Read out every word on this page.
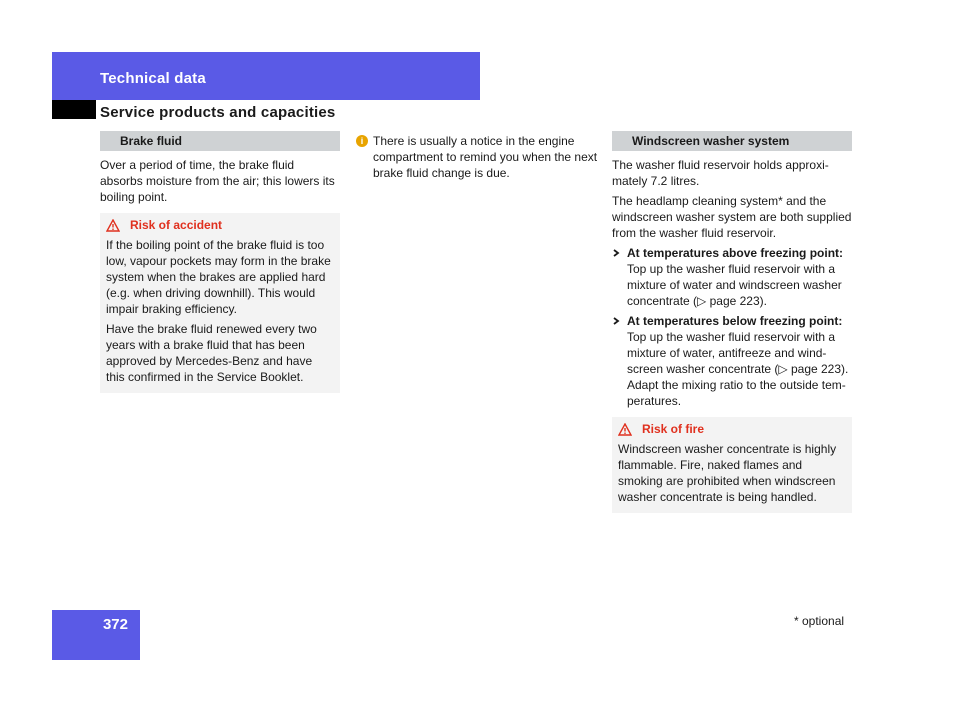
Technical data
Service products and capacities
Brake fluid

Over a period of time, the brake fluid absorbs moisture from the air; this lowers its boiling point.

Risk of accident

If the boiling point of the brake fluid is too low, vapour pockets may form in the brake system when the brakes are applied hard (e.g. when driving downhill). This would impair braking efficiency.

Have the brake fluid renewed every two years with a brake fluid that has been approved by Mercedes-Benz and have this confirmed in the Service Booklet.

i There is usually a notice in the engine compartment to remind you when the next brake fluid change is due.
Windscreen washer system

The washer fluid reservoir holds approxi-mately 7.2 litres.

The headlamp cleaning system* and the windscreen washer system are both supplied from the washer fluid reservoir.

At temperatures above freezing point:
Top up the washer fluid reservoir with a mixture of water and windscreen washer concentrate (▷ page 223).
At temperatures below freezing point:
Top up the washer fluid reservoir with a mixture of water, antifreeze and wind-screen washer concentrate (▷ page 223). Adapt the mixing ratio to the outside tem-peratures.
Risk of fire

Windscreen washer concentrate is highly flammable. Fire, naked flames and smoking are prohibited when windscreen washer concentrate is being handled.

372	* optional
